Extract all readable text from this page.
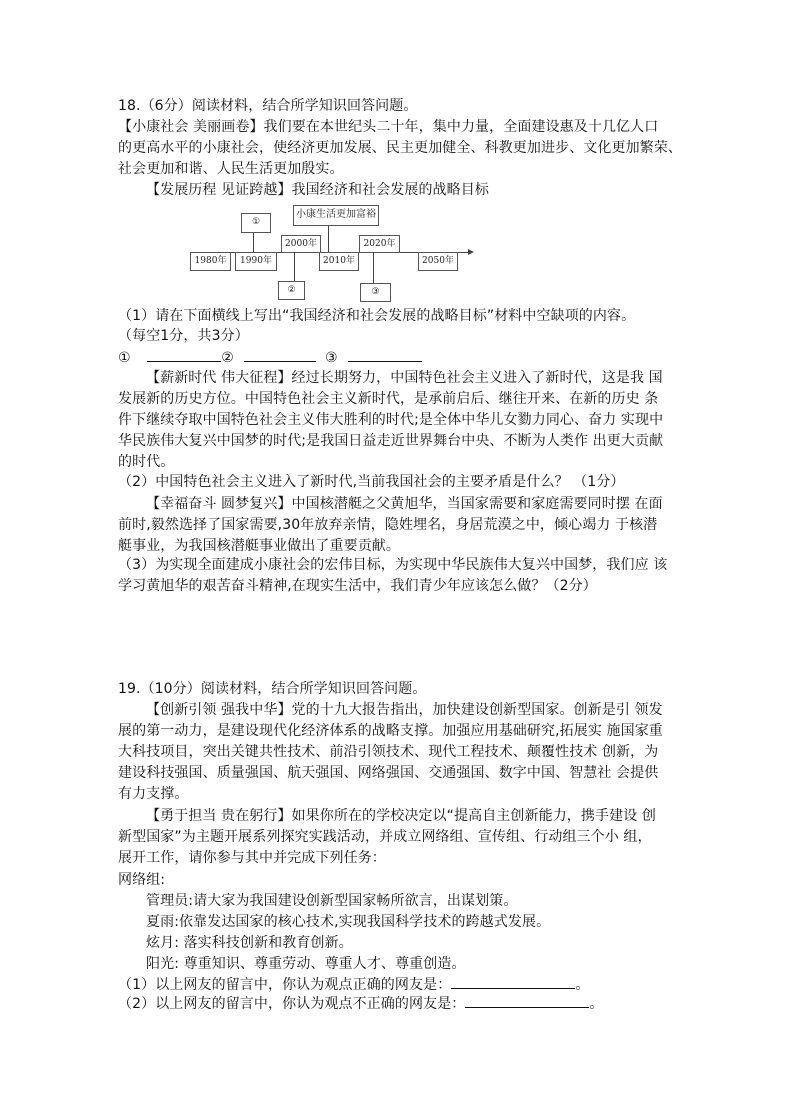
18.（6分）阅读材料，结合所学知识回答问题。
【小康社会 美丽画卷】我们要在本世纪头二十年，集中力量，全面建设惠及十几亿人口
的更高水平的小康社会，使经济更加发展、民主更加健全、科教更加进步、文化更加繁荣、
社会更加和谐、人民生活更加殷实。
【发展历程 见证跨越】我国经济和社会发展的战略目标
1980年	1990年
2000年
2010年
2020年
2050年
①
小康生活更加富裕
②	③
（1）请在下面横线上写出“我国经济和社会发展的战略目标”材料中空缺项的内容。
（每空1分，共3分）
①	②	③
【薪新时代 伟大征程】经过长期努力，中国特色社会主义进入了新时代，这是我 国
发展新的历史方位。中国特色社会主义新时代，是承前启后、继往开来、在新的历史 条
件下继续夺取中国特色社会主义伟大胜利的时代;是全体中华儿女勠力同心、奋力 实现中
华民族伟大复兴中国梦的时代;是我国日益走近世界舞台中央、不断为人类作 出更大贡献
的时代。
（2）中国特色社会主义进入了新时代,当前我国社会的主要矛盾是什么？ （1分）
【幸福奋斗 圆梦复兴】中国核潜艇之父黄旭华，当国家需要和家庭需要同时摆 在面
前时,毅然选择了国家需要,30年放弃亲情，隐姓埋名，身居荒漠之中，倾心竭力 于核潜
艇事业，为我国核潜艇事业做出了重要贡献。
（3）为实现全面建成小康社会的宏伟目标，为实现中华民族伟大复兴中国梦，我们应 该
学习黄旭华的艰苦奋斗精神,在现实生活中，我们青少年应该怎么做？（2分）
19.（10分）阅读材料，结合所学知识回答问题。
【创新引领 强我中华】党的十九大报告指出，加快建设创新型国家。创新是引 领发
展的第一动力，是建设现代化经济体系的战略支撑。加强应用基础研究,拓展实 施国家重
大科技项目，突出关键共性技术、前沿引领技术、现代工程技术、颠覆性技术 创新，为
建设科技强国、质量强国、航天强国、网络强国、交通强国、数字中国、智慧社 会提供
有力支撑。
【勇于担当 贵在躬行】如果你所在的学校决定以“提高自主创新能力，携手建设 创
新型国家”为主题开展系列探究实践活动，并成立网络组、宣传组、行动组三个小 组，
展开工作，请你参与其中并完成下列任务：
网络组:
管理员:请大家为我国建设创新型国家畅所欲言，出谋划策。
夏雨:依靠发达国家的核心技术,实现我国科学技术的跨越式发展。
炫月: 落实科技创新和教育创新。
阳光: 尊重知识、尊重劳动、尊重人才、尊重创造。
（1）以上网友的留言中，你认为观点正确的网友是：	。
（2）以上网友的留言中，你认为观点不正确的网友是：	。
